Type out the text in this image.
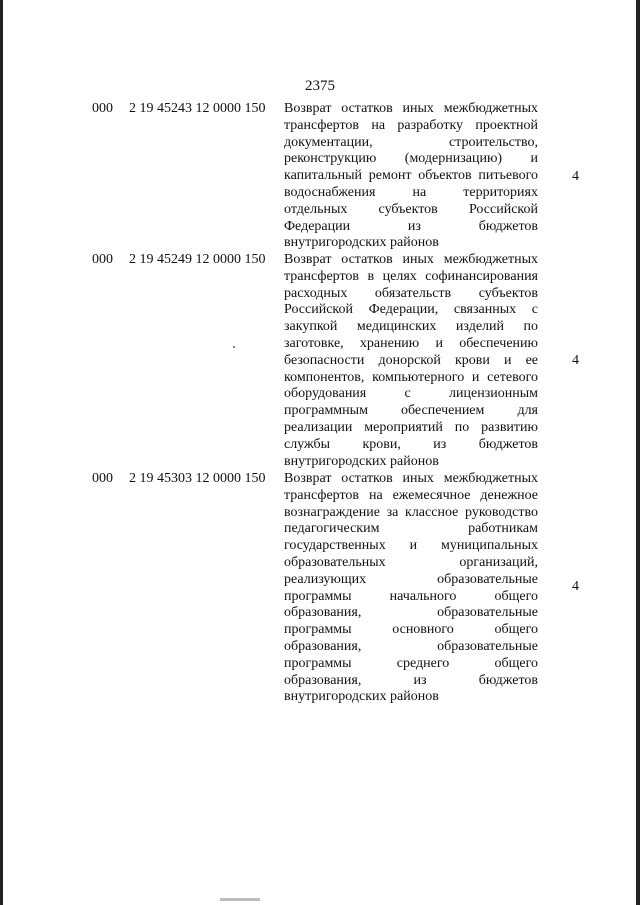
2375
000 2 19 45243 12 0000 150 Возврат остатков иных межбюджетных
трансфертов на разработку проектной
документации, строительство,
реконструкцию (модернизацию) и
капитальный ремонт объектов питьевого
водоснабжения на территориях
отдельных субъектов Российской
Федерации из бюджетов
внутригородских районов
4
000 2 19 45249 12 0000 150 Возврат остатков иных межбюджетных
трансфертов в целях софинансирования
расходных обязательств субъектов
Российской Федерации, связанных с
закупкой медицинских изделий по
заготовке, хранению и обеспечению
безопасности донорской крови и ее
компонентов, компьютерного и сетевого
оборудования с лицензионным
программным обеспечением для
реализации мероприятий по развитию
службы крови, из бюджетов
внутригородских районов
4
000 2 19 45303 12 0000 150 Возврат остатков иных межбюджетных
трансфертов на ежемесячное денежное
вознаграждение за классное руководство
педагогическим работникам
государственных и муниципальных
образовательных организаций,
реализующих образовательные
программы начального общего
образования, образовательные
программы основного общего
образования, образовательные
программы среднего общего
образования, из бюджетов
внутригородских районов
4
